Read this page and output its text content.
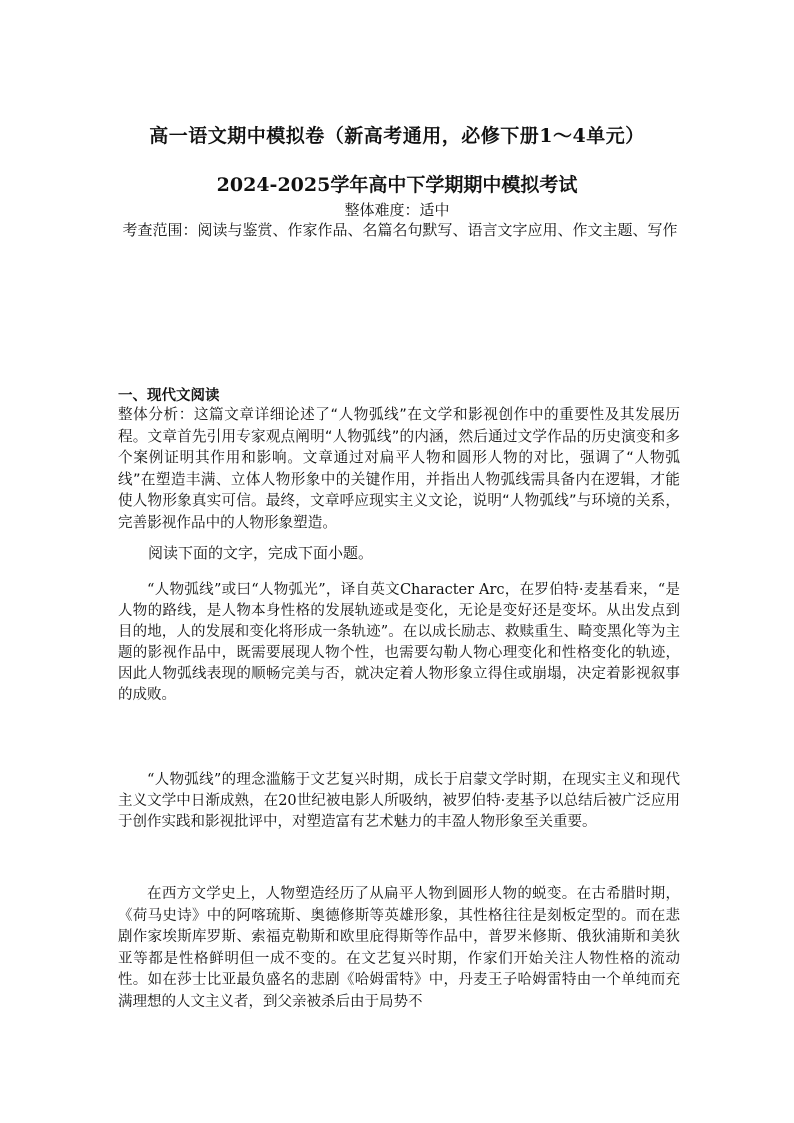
高一语文期中模拟卷（新高考通用，必修下册1～4单元）
2024-2025学年高中下学期期中模拟考试
整体难度：适中
考查范围：阅读与鉴赏、作家作品、名篇名句默写、语言文字应用、作文主题、写作
一、现代文阅读
整体分析：这篇文章详细论述了“人物弧线”在文学和影视创作中的重要性及其发展历程。文章首先引用专家观点阐明“人物弧线”的内涵，然后通过文学作品的历史演变和多个案例证明其作用和影响。文章通过对扁平人物和圆形人物的对比，强调了“人物弧线”在塑造丰满、立体人物形象中的关键作用，并指出人物弧线需具备内在逻辑，才能使人物形象真实可信。最终，文章呼应现实主义文论，说明“人物弧线”与环境的关系，完善影视作品中的人物形象塑造。
阅读下面的文字，完成下面小题。

“人物弧线”或曰“人物弧光”，译自英文Character Arc，在罗伯特·麦基看来，“是人物的路线，是人物本身性格的发展轨迹或是变化，无论是变好还是变坏。从出发点到目的地，人的发展和变化将形成一条轨迹”。在以成长励志、救赎重生、畸变黑化等为主题的影视作品中，既需要展现人物个性，也需要勾勒人物心理变化和性格变化的轨迹，因此人物弧线表现的顺畅完美与否，就决定着人物形象立得住或崩塌，决定着影视叙事的成败。

“人物弧线”的理念滥觞于文艺复兴时期，成长于启蒙文学时期，在现实主义和现代主义文学中日渐成熟，在20世纪被电影人所吸纳，被罗伯特·麦基予以总结后被广泛应用于创作实践和影视批评中，对塑造富有艺术魅力的丰盈人物形象至关重要。

在西方文学史上，人物塑造经历了从扁平人物到圆形人物的蜕变。在古希腊时期，《荷马史诗》中的阿喀琉斯、奥德修斯等英雄形象，其性格往往是刻板定型的。而在悲剧作家埃斯库罗斯、索福克勒斯和欧里庇得斯等作品中，普罗米修斯、俄狄浦斯和美狄亚等都是性格鲜明但一成不变的。在文艺复兴时期，作家们开始关注人物性格的流动性。如在莎士比亚最负盛名的悲剧《哈姆雷特》中，丹麦王子哈姆雷特由一个单纯而充满理想的人文主义者，到父亲被杀后由于局势不
